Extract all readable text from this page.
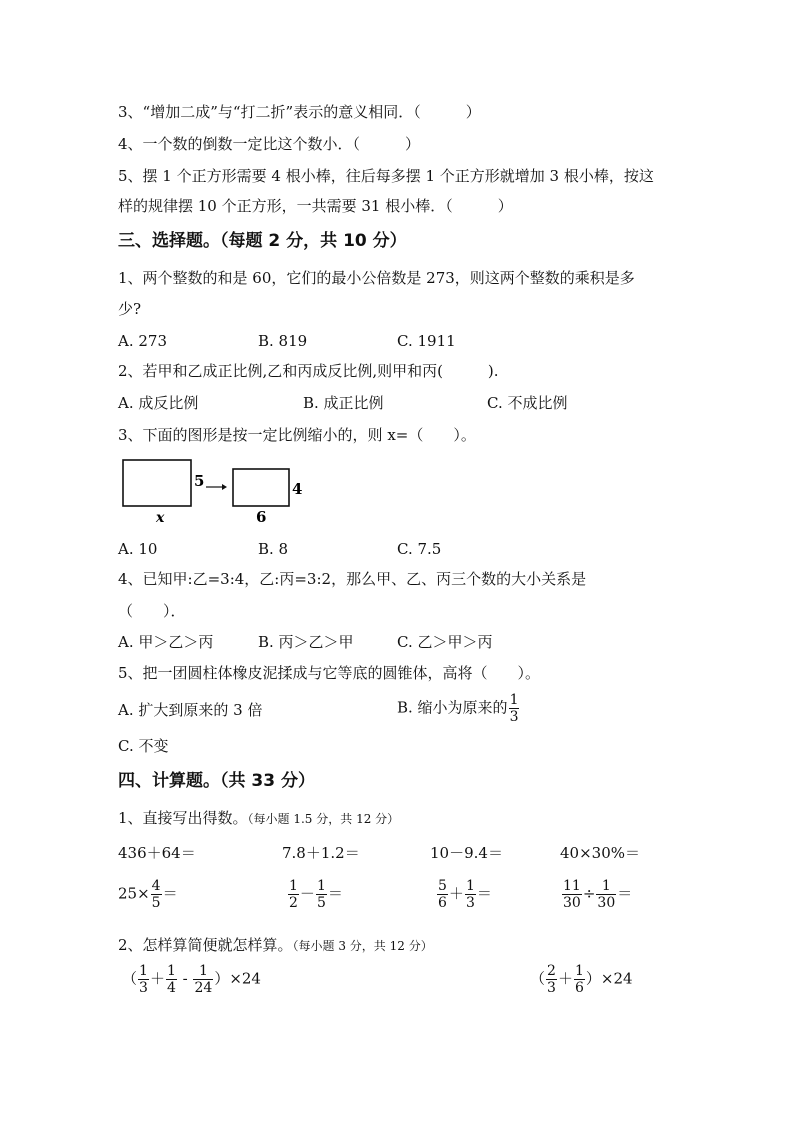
3、“增加二成”与“打二折”表示的意义相同．（　　　）
4、一个数的倒数一定比这个数小．（　　　）
5、摆 1 个正方形需要 4 根小棒，往后每多摆 1 个正方形就增加 3 根小棒，按这
样的规律摆 10 个正方形，一共需要 31 根小棒．（　　　）
三、选择题。（每题 2 分，共 10 分）
1、两个整数的和是 60，它们的最小公倍数是 273，则这两个整数的乘积是多
少?
A. 273	B. 819	C. 1911
2、若甲和乙成正比例,乙和丙成反比例,则甲和丙(　　　).
A. 成反比例	B. 成正比例	C. 不成比例
3、下面的图形是按一定比例缩小的，则 x=（　　）。
5	4
x	6
A. 10	B. 8	C. 7.5
4、已知甲:乙=3:4，乙:丙=3:2，那么甲、乙、丙三个数的大小关系是
（　　）．
A. 甲＞乙＞丙	B. 丙＞乙＞甲	C. 乙＞甲＞丙
5、把一团圆柱体橡皮泥揉成与它等底的圆锥体，高将（　　）。
A. 扩大到原来的 3 倍	B. 缩小为原来的 $\frac{1}{3}$
C. 不变
四、计算题。（共 33 分）
1、直接写出得数。（每小题 1.5 分，共 12 分）
436＋64＝	7.8＋1.2＝	10－9.4＝	40×30%＝
$25\times \frac{4}{5}$ ＝	$\frac{1}{2} - \frac{1}{5}$ ＝	$\frac{5}{6} + \frac{1}{3}$ ＝	$\frac{11}{30} \div \frac{1}{30}$ ＝
2、怎样算简便就怎样算。（每小题 3 分，共 12 分）
（ $\frac{1}{3} + \frac{1}{4} - \frac{1}{24} )\times 24$	（ $\frac{2}{3} + \frac{1}{6} )\times 24$
